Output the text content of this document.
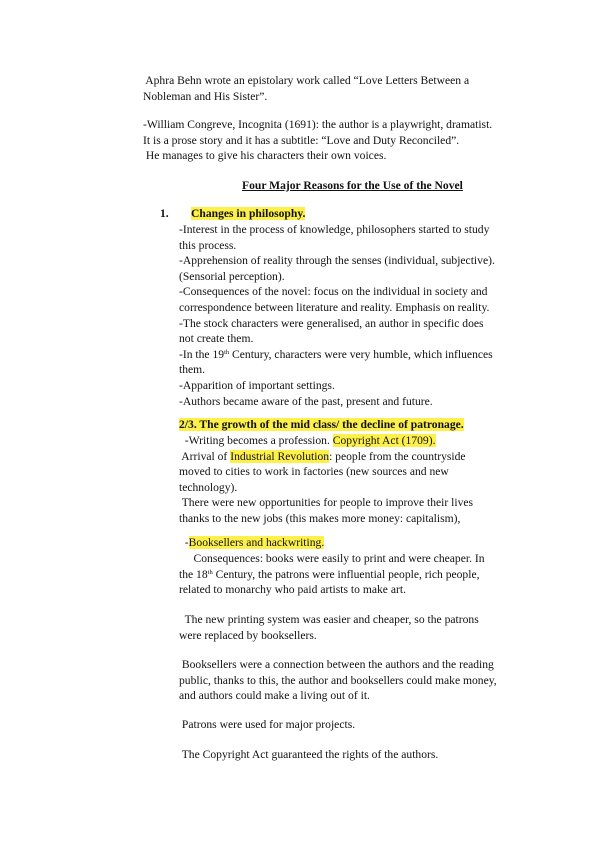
Aphra Behn wrote an epistolary work called “Love Letters Between a
Nobleman and His Sister”.
-William Congreve, Incognita (1691): the author is a playwright, dramatist.
It is a prose story and it has a subtitle: “Love and Duty Reconciled”.
He manages to give his characters their own voices.
Four Major Reasons for the Use of the Novel
1. Changes in philosophy.
-Interest in the process of knowledge, philosophers started to study
this process.
-Apprehension of reality through the senses (individual, subjective).
(Sensorial perception).
-Consequences of the novel: focus on the individual in society and
correspondence between literature and reality. Emphasis on reality.
-The stock characters were generalised, an author in specific does
not create them.
-In the 19th Century, characters were very humble, which influences
them.
-Apparition of important settings.
-Authors became aware of the past, present and future.
2/3. The growth of the mid class/ the decline of patronage.
-Writing becomes a profession. Copyright Act (1709).
Arrival of Industrial Revolution: people from the countryside
moved to cities to work in factories (new sources and new
technology).
There were new opportunities for people to improve their lives
thanks to the new jobs (this makes more money: capitalism),
-Booksellers and hackwriting.
Consequences: books were easily to print and were cheaper. In
the 18th Century, the patrons were influential people, rich people,
related to monarchy who paid artists to make art.
The new printing system was easier and cheaper, so the patrons
were replaced by booksellers.
Booksellers were a connection between the authors and the reading
public, thanks to this, the author and booksellers could make money,
and authors could make a living out of it.
Patrons were used for major projects.
The Copyright Act guaranteed the rights of the authors.
